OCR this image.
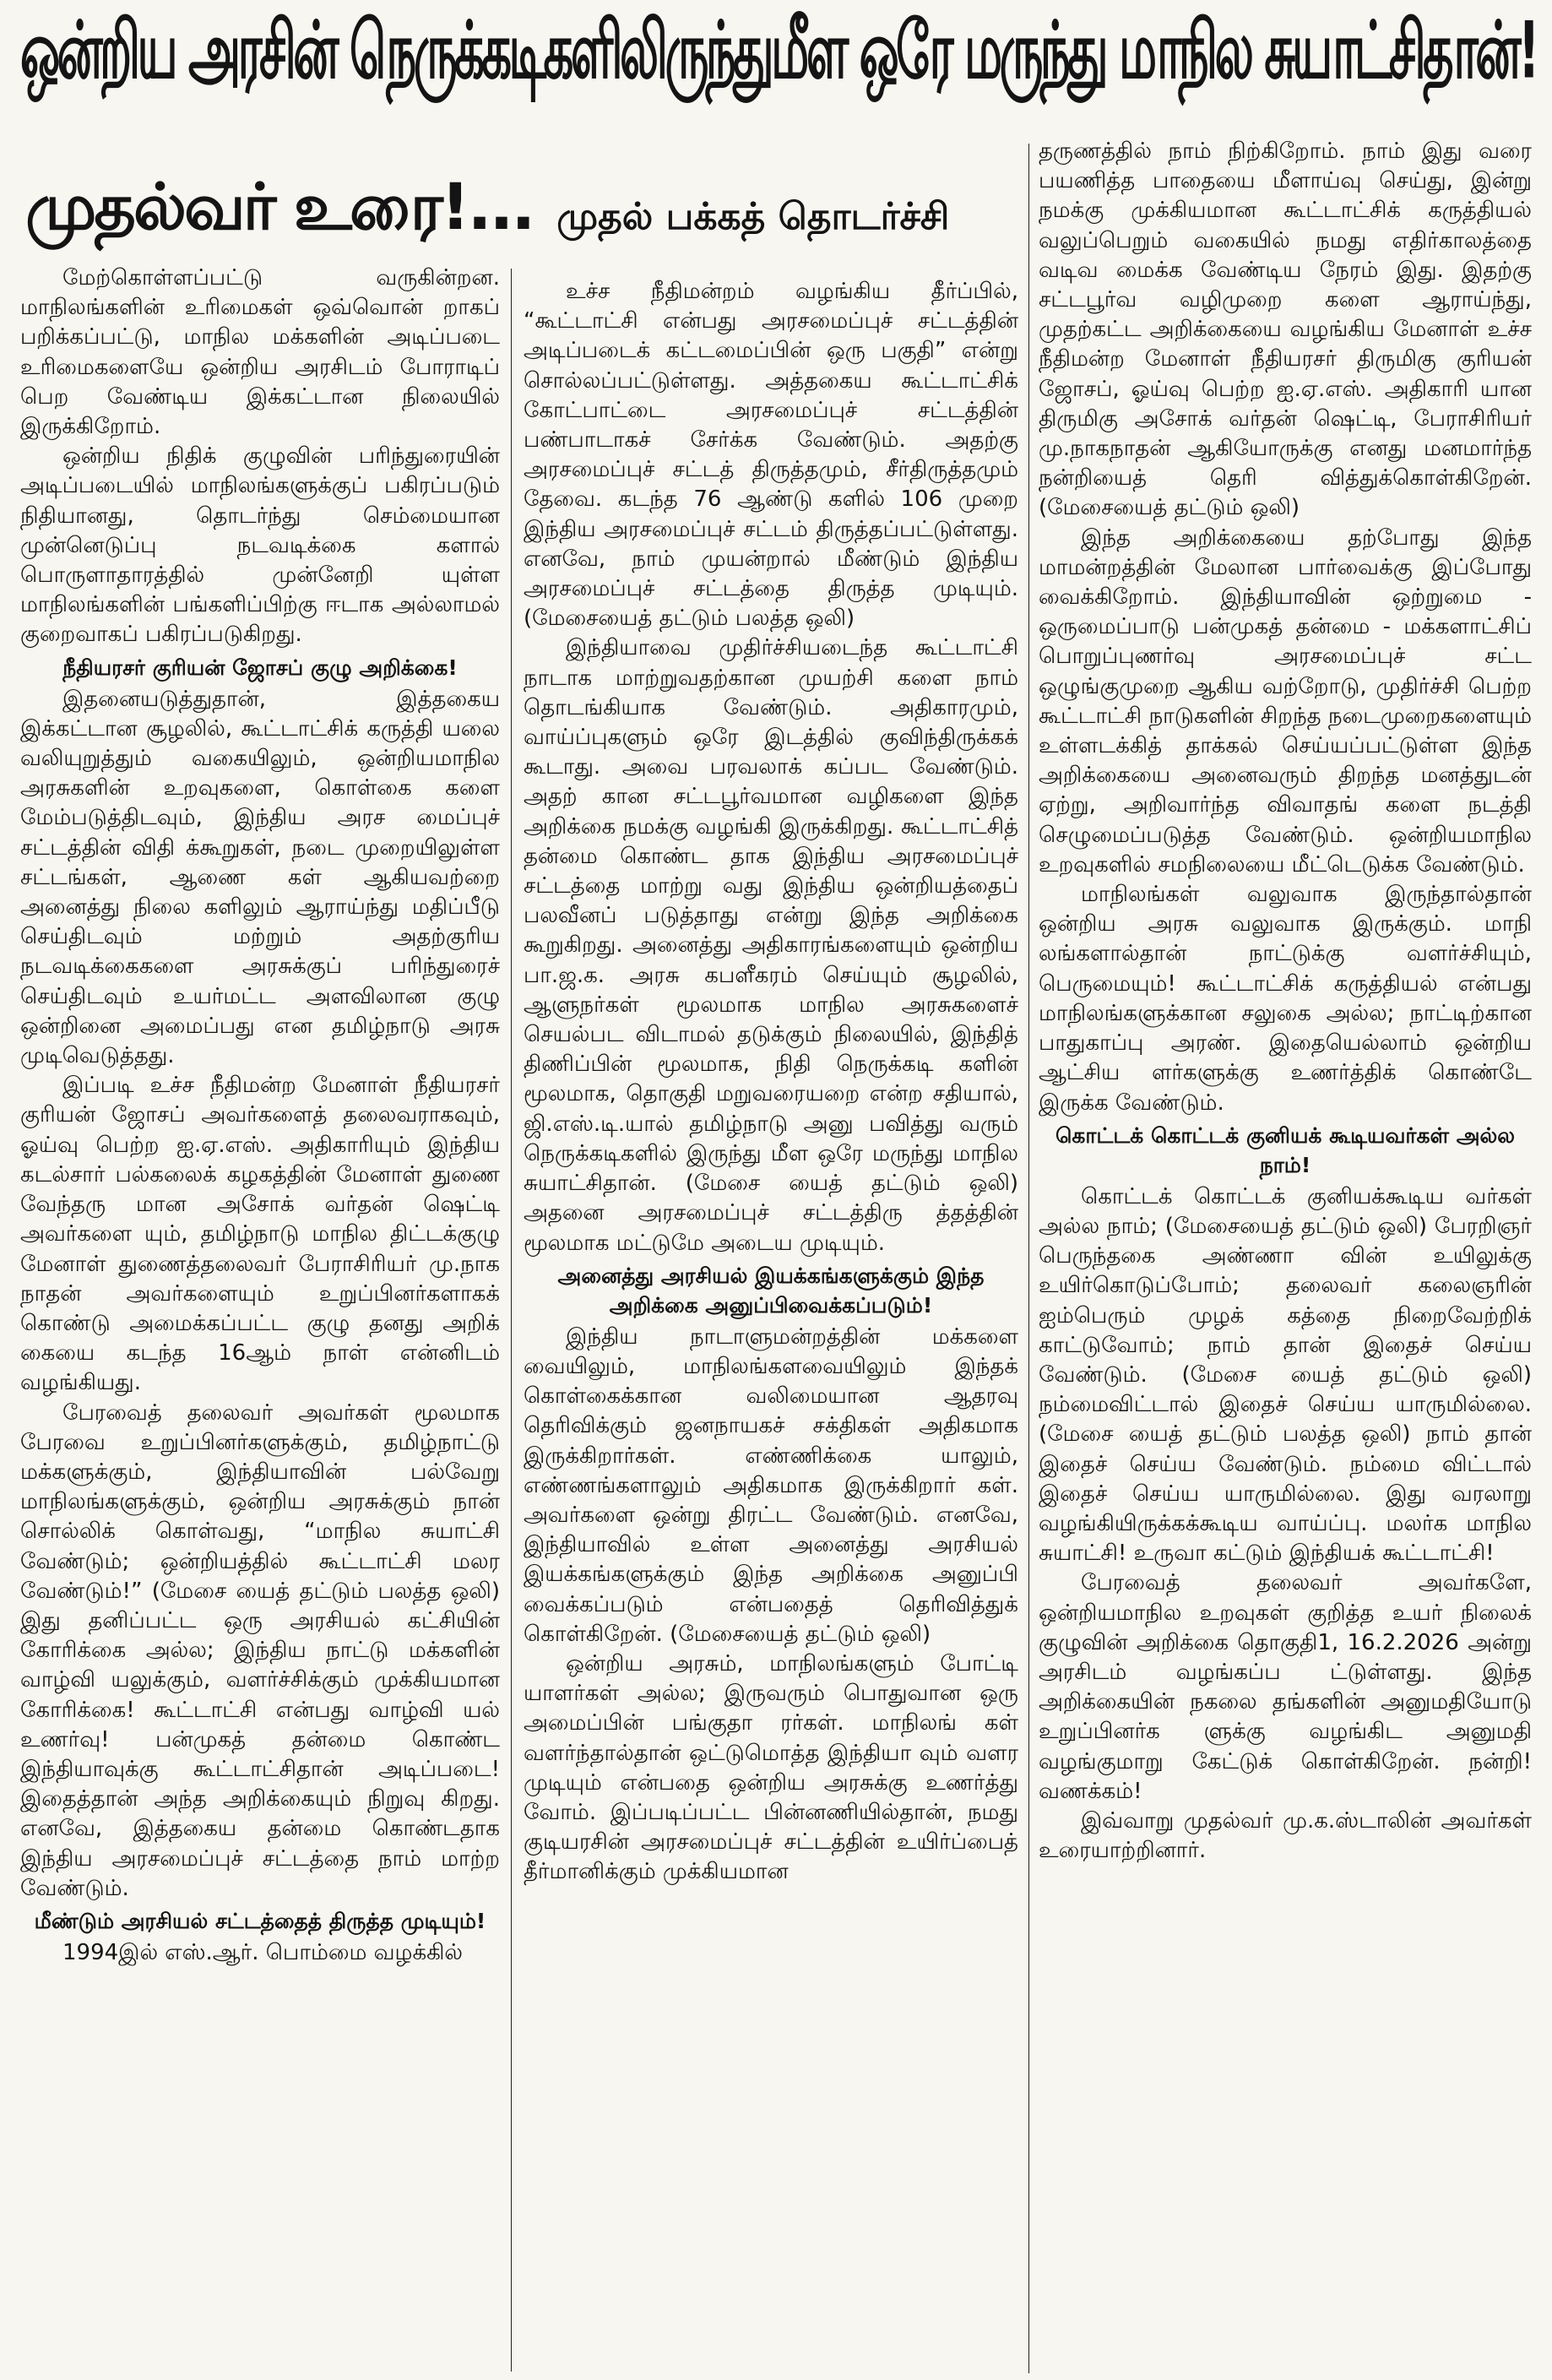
ஒன்றிய அரசின் நெருக்கடிகளிலிருந்துமீள ஒரே மருந்து மாநில சுயாட்சிதான்!
முதல்வர் உரை!... முதல் பக்கத் தொடர்ச்சி

மேற்கொள்ளப்பட்டு வருகின்றன. மாநிலங்களின் உரிமைகள் ஒவ்வொன் றாகப் பறிக்கப்பட்டு, மாநில மக்களின் அடிப்படை உரிமைகளையே ஒன்றிய அரசிடம் போராடிப் பெற வேண்டிய இக்கட்டான நிலையில் இருக்கிறோம்.

ஒன்றிய நிதிக் குழுவின் பரிந்துரையின் அடிப்படையில் மாநிலங்களுக்குப் பகிரப்படும் நிதியானது, தொடர்ந்து செம்மையான முன்னெடுப்பு நடவடிக்கை களால் பொருளாதாரத்தில் முன்னேறி யுள்ள மாநிலங்களின் பங்களிப்பிற்கு ஈடாக அல்லாமல் குறைவாகப் பகிரப்படுகிறது.

நீதியரசர் குரியன் ஜோசப் குழு அறிக்கை!

இதனையடுத்துதான், இத்தகைய இக்கட்டான சூழலில், கூட்டாட்சிக் கருத்தி யலை வலியுறுத்தும் வகையிலும், ஒன்றியமாநில அரசுகளின் உறவுகளை, கொள்கை களை மேம்படுத்திடவும், இந்திய அரச மைப்புச் சட்டத்தின் விதி க்கூறுகள், நடை முறையிலுள்ள சட்டங்கள், ஆணை கள் ஆகியவற்றை அனைத்து நிலை களிலும் ஆராய்ந்து மதிப்பீடு செய்திடவும் மற்றும் அதற்குரிய நடவடிக்கைகளை அரசுக்குப் பரிந்துரைச் செய்திடவும் உயர்மட்ட அளவிலான குழு ஒன்றினை அமைப்பது என தமிழ்நாடு அரசு முடிவெடுத்தது.

இப்படி உச்ச நீதிமன்ற மேனாள் நீதியரசர் குரியன் ஜோசப் அவர்களைத் தலைவராகவும், ஓய்வு பெற்ற ஐ.ஏ.எஸ். அதிகாரியும் இந்திய கடல்சார் பல்கலைக் கழகத்தின் மேனாள் துணை வேந்தரு மான அசோக் வர்தன் ஷெட்டி அவர்களை யும், தமிழ்நாடு மாநில திட்டக்குழு மேனாள் துணைத்தலைவர் பேராசிரியர் மு.நாக நாதன் அவர்களையும் உறுப்பினர்களாகக் கொண்டு அமைக்கப்பட்ட குழு தனது அறிக் கையை கடந்த 16ஆம் நாள் என்னிடம் வழங்கியது.

பேரவைத் தலைவர் அவர்கள் மூலமாக பேரவை உறுப்பினர்களுக்கும், தமிழ்நாட்டு மக்களுக்கும், இந்தியாவின் பல்வேறு மாநிலங்களுக்கும், ஒன்றிய அரசுக்கும் நான் சொல்லிக் கொள்வது, “மாநில சுயாட்சி வேண்டும்; ஒன்றியத்தில் கூட்டாட்சி மலர வேண்டும்!” (மேசை யைத் தட்டும் பலத்த ஒலி) இது தனிப்பட்ட ஒரு அரசியல் கட்சியின் கோரிக்கை அல்ல; இந்திய நாட்டு மக்களின் வாழ்வி யலுக்கும், வளர்ச்சிக்கும் முக்கியமான கோரிக்கை! கூட்டாட்சி என்பது வாழ்வி யல் உணர்வு! பன்முகத் தன்மை கொண்ட இந்தியாவுக்கு கூட்டாட்சிதான் அடிப்படை! இதைத்தான் அந்த அறிக்கையும் நிறுவு கிறது. எனவே, இத்தகைய தன்மை கொண்டதாக இந்திய அரசமைப்புச் சட்டத்தை நாம் மாற்ற வேண்டும்.

மீண்டும் அரசியல் சட்டத்தைத் திருத்த முடியும்!

1994இல் எஸ்.ஆர். பொம்மை வழக்கில்

உச்ச நீதிமன்றம் வழங்கிய தீர்ப்பில், “கூட்டாட்சி என்பது அரசமைப்புச் சட்டத்தின் அடிப்படைக் கட்டமைப்பின் ஒரு பகுதி” என்று சொல்லப்பட்டுள்ளது. அத்தகைய கூட்டாட்சிக் கோட்பாட்டை அரசமைப்புச் சட்டத்தின் பண்பாடாகச் சேர்க்க வேண்டும். அதற்கு அரசமைப்புச் சட்டத் திருத்தமும், சீர்திருத்தமும் தேவை. கடந்த 76 ஆண்டு களில் 106 முறை இந்திய அரசமைப்புச் சட்டம் திருத்தப்பட்டுள்ளது. எனவே, நாம் முயன்றால் மீண்டும் இந்திய அரசமைப்புச் சட்டத்தை திருத்த முடியும். (மேசையைத் தட்டும் பலத்த ஒலி)

இந்தியாவை முதிர்ச்சியடைந்த கூட்டாட்சி நாடாக மாற்றுவதற்கான முயற்சி களை நாம் தொடங்கியாக வேண்டும். அதிகாரமும், வாய்ப்புகளும் ஒரே இடத்தில் குவிந்திருக்கக் கூடாது. அவை பரவலாக் கப்பட வேண்டும். அதற் கான சட்டபூர்வமான வழிகளை இந்த அறிக்கை நமக்கு வழங்கி இருக்கிறது. கூட்டாட்சித் தன்மை கொண்ட தாக இந்திய அரசமைப்புச் சட்டத்தை மாற்று வது இந்திய ஒன்றியத்தைப் பலவீனப் படுத்தாது என்று இந்த அறிக்கை கூறுகிறது. அனைத்து அதிகாரங்களையும் ஒன்றிய பா.ஜ.க. அரசு கபளீகரம் செய்யும் சூழலில், ஆளுநர்கள் மூலமாக மாநில அரசுகளைச் செயல்பட விடாமல் தடுக்கும் நிலையில், இந்தித் திணிப்பின் மூலமாக, நிதி நெருக்கடி களின் மூலமாக, தொகுதி மறுவரையறை என்ற சதியால், ஜி.எஸ்.டி.யால் தமிழ்நாடு அனு பவித்து வரும் நெருக்கடிகளில் இருந்து மீள ஒரே மருந்து மாநில சுயாட்சிதான். (மேசை யைத் தட்டும் ஒலி) அதனை அரசமைப்புச் சட்டத்திரு த்தத்தின் மூலமாக மட்டுமே அடைய முடியும்.

அனைத்து அரசியல் இயக்கங்களுக்கும் இந்த அறிக்கை அனுப்பிவைக்கப்படும்!

இந்திய நாடாளுமன்றத்தின் மக்களை வையிலும், மாநிலங்களவையிலும் இந்தக் கொள்கைக்கான வலிமையான ஆதரவு தெரிவிக்கும் ஜனநாயகச் சக்திகள் அதிகமாக இருக்கிறார்கள். எண்ணிக்கை யாலும், எண்ணங்களாலும் அதிகமாக இருக்கிறார் கள். அவர்களை ஒன்று திரட்ட வேண்டும். எனவே, இந்தியாவில் உள்ள அனைத்து அரசியல் இயக்கங்களுக்கும் இந்த அறிக்கை அனுப்பி வைக்கப்படும் என்பதைத் தெரிவித்துக் கொள்கிறேன். (மேசையைத் தட்டும் ஒலி)

ஒன்றிய அரசும், மாநிலங்களும் போட்டி யாளர்கள் அல்ல; இருவரும் பொதுவான ஒரு அமைப்பின் பங்குதா ரர்கள். மாநிலங் கள் வளர்ந்தால்தான் ஒட்டுமொத்த இந்தியா வும் வளர முடியும் என்பதை ஒன்றிய அரசுக்கு உணர்த்து வோம். இப்படிப்பட்ட பின்னணியில்தான், நமது குடியரசின் அரசமைப்புச் சட்டத்தின் உயிர்ப்பைத் தீர்மானிக்கும் முக்கியமான

தருணத்தில் நாம் நிற்கிறோம். நாம் இது வரை பயணித்த பாதையை மீளாய்வு செய்து, இன்று நமக்கு முக்கியமான கூட்டாட்சிக் கருத்தியல் வலுப்பெறும் வகையில் நமது எதிர்காலத்தை வடிவ மைக்க வேண்டிய நேரம் இது. இதற்கு சட்டபூர்வ வழிமுறை களை ஆராய்ந்து, முதற்கட்ட அறிக்கையை வழங்கிய மேனாள் உச்ச நீதிமன்ற மேனாள் நீதியரசர் திருமிகு குரியன் ஜோசப், ஓய்வு பெற்ற ஐ.ஏ.எஸ். அதிகாரி யான திருமிகு அசோக் வர்தன் ஷெட்டி, பேராசிரியர் மு.நாகநாதன் ஆகியோருக்கு எனது மனமார்ந்த நன்றியைத் தெரி வித்துக்கொள்கிறேன். (மேசையைத் தட்டும் ஒலி)

இந்த அறிக்கையை தற்போது இந்த மாமன்றத்தின் மேலான பார்வைக்கு இப்போது வைக்கிறோம். இந்தியாவின் ஒற்றுமை - ஒருமைப்பாடு பன்முகத் தன்மை - மக்களாட்சிப் பொறுப்புணர்வு அரசமைப்புச் சட்ட ஒழுங்குமுறை ஆகிய வற்றோடு, முதிர்ச்சி பெற்ற கூட்டாட்சி நாடுகளின் சிறந்த நடைமுறைகளையும் உள்ளடக்கித் தாக்கல் செய்யப்பட்டுள்ள இந்த அறிக்கையை அனைவரும் திறந்த மனத்துடன் ஏற்று, அறிவார்ந்த விவாதங் களை நடத்தி செழுமைப்படுத்த வேண்டும். ஒன்றியமாநில உறவுகளில் சமநிலையை மீட்டெடுக்க வேண்டும்.

மாநிலங்கள் வலுவாக இருந்தால்தான் ஒன்றிய அரசு வலுவாக இருக்கும். மாநி லங்களால்தான் நாட்டுக்கு வளர்ச்சியும், பெருமையும்! கூட்டாட்சிக் கருத்தியல் என்பது மாநிலங்களுக்கான சலுகை அல்ல; நாட்டிற்கான பாதுகாப்பு அரண். இதையெல்லாம் ஒன்றிய ஆட்சிய ளர்களுக்கு உணர்த்திக் கொண்டே இருக்க வேண்டும்.

கொட்டக் கொட்டக் குனியக் கூடியவர்கள் அல்ல நாம்!

கொட்டக் கொட்டக் குனியக்கூடிய வர்கள் அல்ல நாம்; (மேசையைத் தட்டும் ஒலி) பேரறிஞர் பெருந்தகை அண்ணா வின் உயிலுக்கு உயிர்கொடுப்போம்; தலைவர் கலைஞரின் ஐம்பெரும் முழக் கத்தை நிறைவேற்றிக் காட்டுவோம்; நாம் தான் இதைச் செய்ய வேண்டும். (மேசை யைத் தட்டும் ஒலி) நம்மைவிட்டால் இதைச் செய்ய யாருமில்லை. (மேசை யைத் தட்டும் பலத்த ஒலி) நாம் தான் இதைச் செய்ய வேண்டும். நம்மை விட்டால் இதைச் செய்ய யாருமில்லை. இது வரலாறு வழங்கியிருக்கக்கூடிய வாய்ப்பு. மலர்க மாநில சுயாட்சி! உருவா கட்டும் இந்தியக் கூட்டாட்சி!

பேரவைத் தலைவர் அவர்களே, ஒன்றியமாநில உறவுகள் குறித்த உயர் நிலைக் குழுவின் அறிக்கை தொகுதி1, 16.2.2026 அன்று அரசிடம் வழங்கப்ப ட்டுள்ளது. இந்த அறிக்கையின் நகலை தங்களின் அனுமதியோடு உறுப்பினர்க ளுக்கு வழங்கிட அனுமதி வழங்குமாறு கேட்டுக் கொள்கிறேன். நன்றி! வணக்கம்!

இவ்வாறு முதல்வர் மு.க.ஸ்டாலின் அவர்கள் உரையாற்றினார்.
